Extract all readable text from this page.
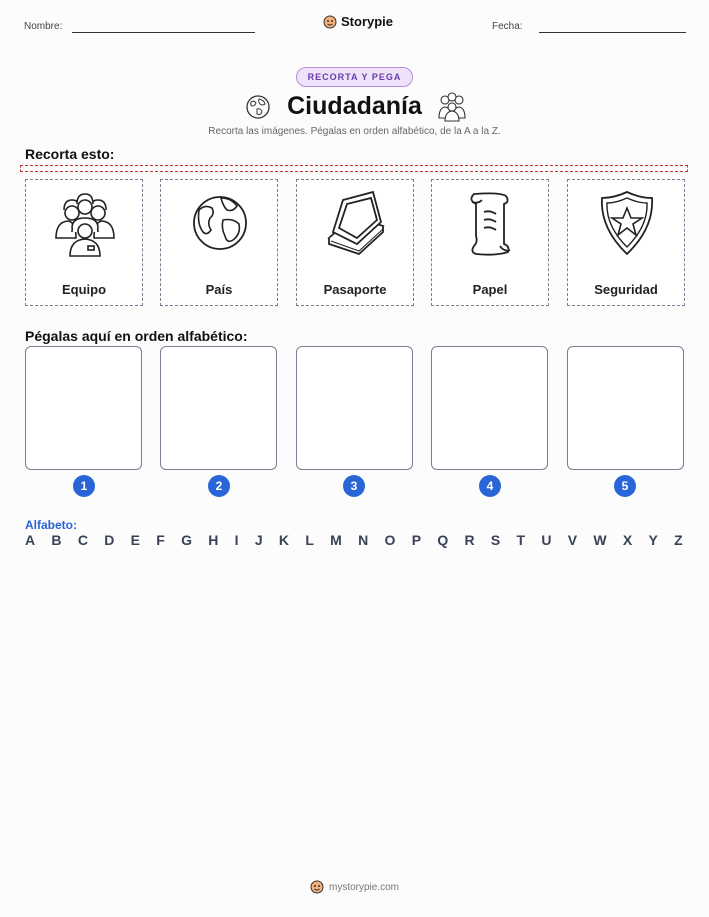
Nombre:	Storypie	Fecha:
RECORTA Y PEGA
Ciudadanía
Recorta las imágenes. Pégalas en orden alfabético, de la A a la Z.
Recorta esto:
Equipo	País	Pasaporte	Papel	Seguridad
Pégalas aquí en orden alfabético:
1	2	3	4	5
Alfabeto:
A B C D E F G H I J K L M N O P Q R S T U V W X Y Z
mystorypie.com
